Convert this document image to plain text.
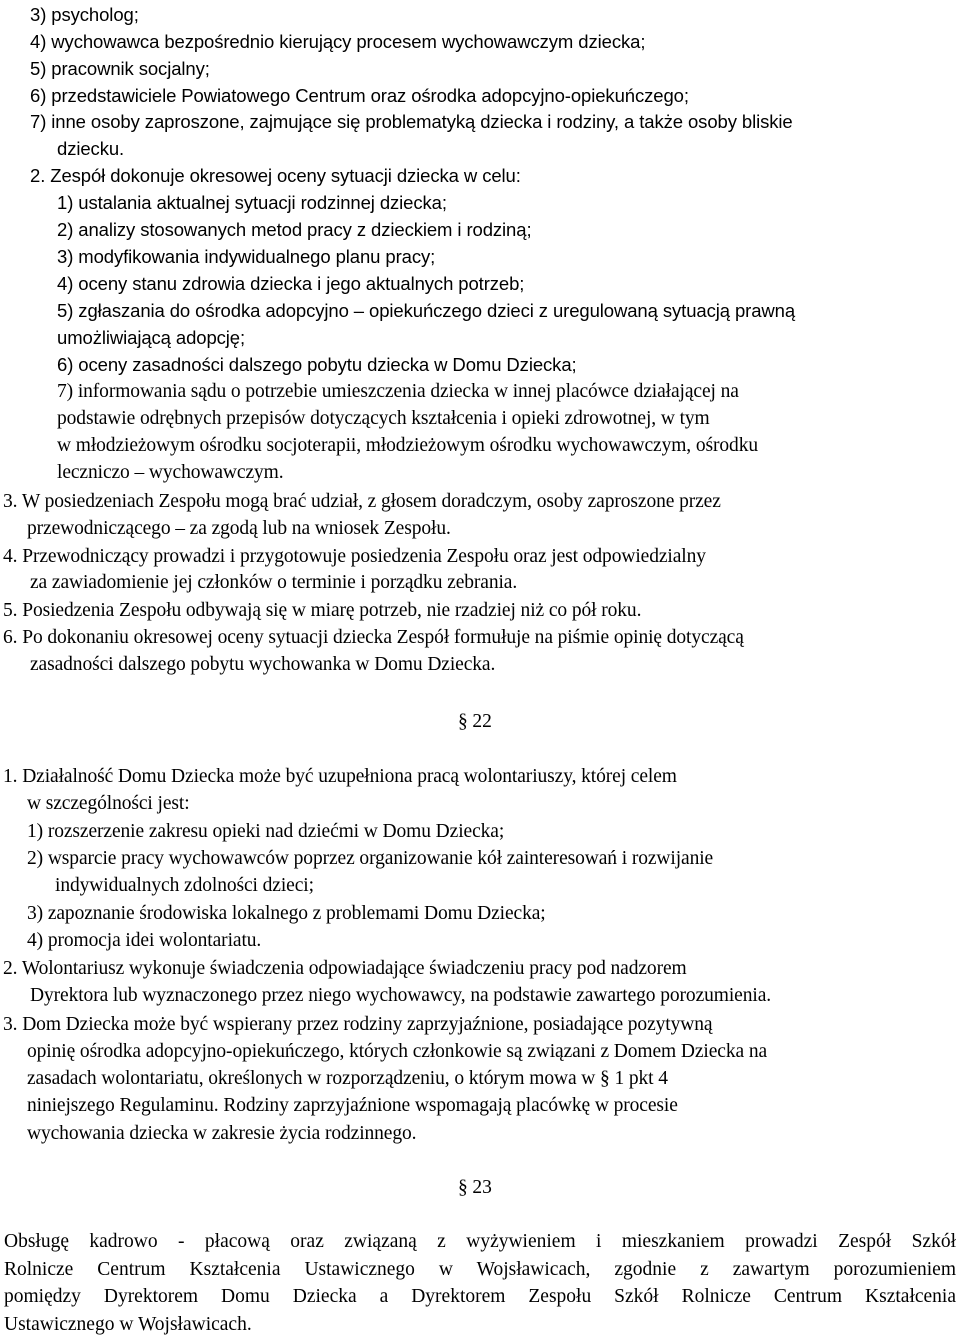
3) psycholog;
4) wychowawca bezpośrednio kierujący procesem wychowawczym dziecka;
5) pracownik socjalny;
6) przedstawiciele Powiatowego Centrum oraz ośrodka adopcyjno-opiekuńczego;
7) inne osoby zaproszone, zajmujące się problematyką dziecka i rodziny, a także osoby bliskie
dziecku.
2. Zespół dokonuje okresowej oceny sytuacji dziecka w celu:
1) ustalania aktualnej sytuacji rodzinnej dziecka;
2) analizy stosowanych metod pracy z dzieckiem i rodziną;
3) modyfikowania indywidualnego planu pracy;
4) oceny stanu zdrowia dziecka i jego aktualnych potrzeb;
5) zgłaszania do ośrodka adopcyjno – opiekuńczego dzieci z uregulowaną sytuacją prawną
umożliwiającą adopcję;
6) oceny zasadności dalszego pobytu dziecka w Domu Dziecka;
7) informowania sądu o potrzebie umieszczenia dziecka w innej placówce działającej na
podstawie odrębnych przepisów dotyczących kształcenia i opieki zdrowotnej, w tym
w młodzieżowym ośrodku socjoterapii, młodzieżowym ośrodku wychowawczym, ośrodku
leczniczo – wychowawczym.
3. W posiedzeniach Zespołu mogą brać udział, z głosem doradczym, osoby zaproszone przez
przewodniczącego – za zgodą lub na wniosek Zespołu.
4. Przewodniczący prowadzi i przygotowuje posiedzenia Zespołu oraz jest odpowiedzialny
za zawiadomienie jej członków o terminie i porządku zebrania.
5. Posiedzenia Zespołu odbywają się w miarę potrzeb, nie rzadziej niż co pół roku.
6. Po dokonaniu okresowej oceny sytuacji dziecka Zespół formułuje na piśmie opinię dotyczącą
zasadności dalszego pobytu wychowanka w Domu Dziecka.
§ 22
1. Działalność Domu Dziecka może być uzupełniona pracą wolontariuszy, której celem
w szczególności jest:
1) rozszerzenie zakresu opieki nad dziećmi w Domu Dziecka;
2) wsparcie pracy wychowawców poprzez organizowanie kół zainteresowań i rozwijanie
indywidualnych zdolności dzieci;
3) zapoznanie środowiska lokalnego z problemami Domu Dziecka;
4) promocja idei wolontariatu.
2. Wolontariusz wykonuje świadczenia odpowiadające świadczeniu pracy pod nadzorem
Dyrektora lub wyznaczonego przez niego wychowawcy, na podstawie zawartego porozumienia.
3. Dom Dziecka może być wspierany przez rodziny zaprzyjaźnione, posiadające pozytywną
opinię ośrodka adopcyjno-opiekuńczego, których członkowie są związani z Domem Dziecka na
zasadach wolontariatu, określonych w rozporządzeniu, o którym mowa w § 1 pkt 4
niniejszego Regulaminu. Rodziny zaprzyjaźnione wspomagają placówkę w procesie
wychowania dziecka w zakresie życia rodzinnego.
§ 23
Obsługę kadrowo - płacową oraz związaną z wyżywieniem i mieszkaniem prowadzi Zespół Szkół
Rolnicze Centrum Kształcenia Ustawicznego w Wojsławicach, zgodnie z zawartym porozumieniem
pomiędzy Dyrektorem Domu Dziecka a Dyrektorem Zespołu Szkół Rolnicze Centrum Kształcenia
Ustawicznego w Wojsławicach.
